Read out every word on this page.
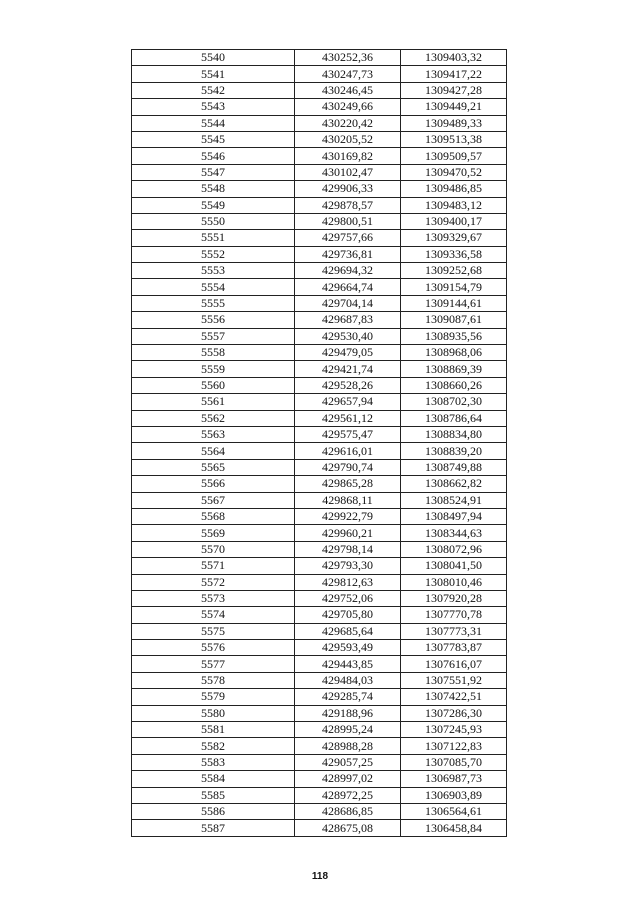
5540	430252,36	1309403,32
5541	430247,73	1309417,22
5542	430246,45	1309427,28
5543	430249,66	1309449,21
5544	430220,42	1309489,33
5545	430205,52	1309513,38
5546	430169,82	1309509,57
5547	430102,47	1309470,52
5548	429906,33	1309486,85
5549	429878,57	1309483,12
5550	429800,51	1309400,17
5551	429757,66	1309329,67
5552	429736,81	1309336,58
5553	429694,32	1309252,68
5554	429664,74	1309154,79
5555	429704,14	1309144,61
5556	429687,83	1309087,61
5557	429530,40	1308935,56
5558	429479,05	1308968,06
5559	429421,74	1308869,39
5560	429528,26	1308660,26
5561	429657,94	1308702,30
5562	429561,12	1308786,64
5563	429575,47	1308834,80
5564	429616,01	1308839,20
5565	429790,74	1308749,88
5566	429865,28	1308662,82
5567	429868,11	1308524,91
5568	429922,79	1308497,94
5569	429960,21	1308344,63
5570	429798,14	1308072,96
5571	429793,30	1308041,50
5572	429812,63	1308010,46
5573	429752,06	1307920,28
5574	429705,80	1307770,78
5575	429685,64	1307773,31
5576	429593,49	1307783,87
5577	429443,85	1307616,07
5578	429484,03	1307551,92
5579	429285,74	1307422,51
5580	429188,96	1307286,30
5581	428995,24	1307245,93
5582	428988,28	1307122,83
5583	429057,25	1307085,70
5584	428997,02	1306987,73
5585	428972,25	1306903,89
5586	428686,85	1306564,61
5587	428675,08	1306458,84
118
